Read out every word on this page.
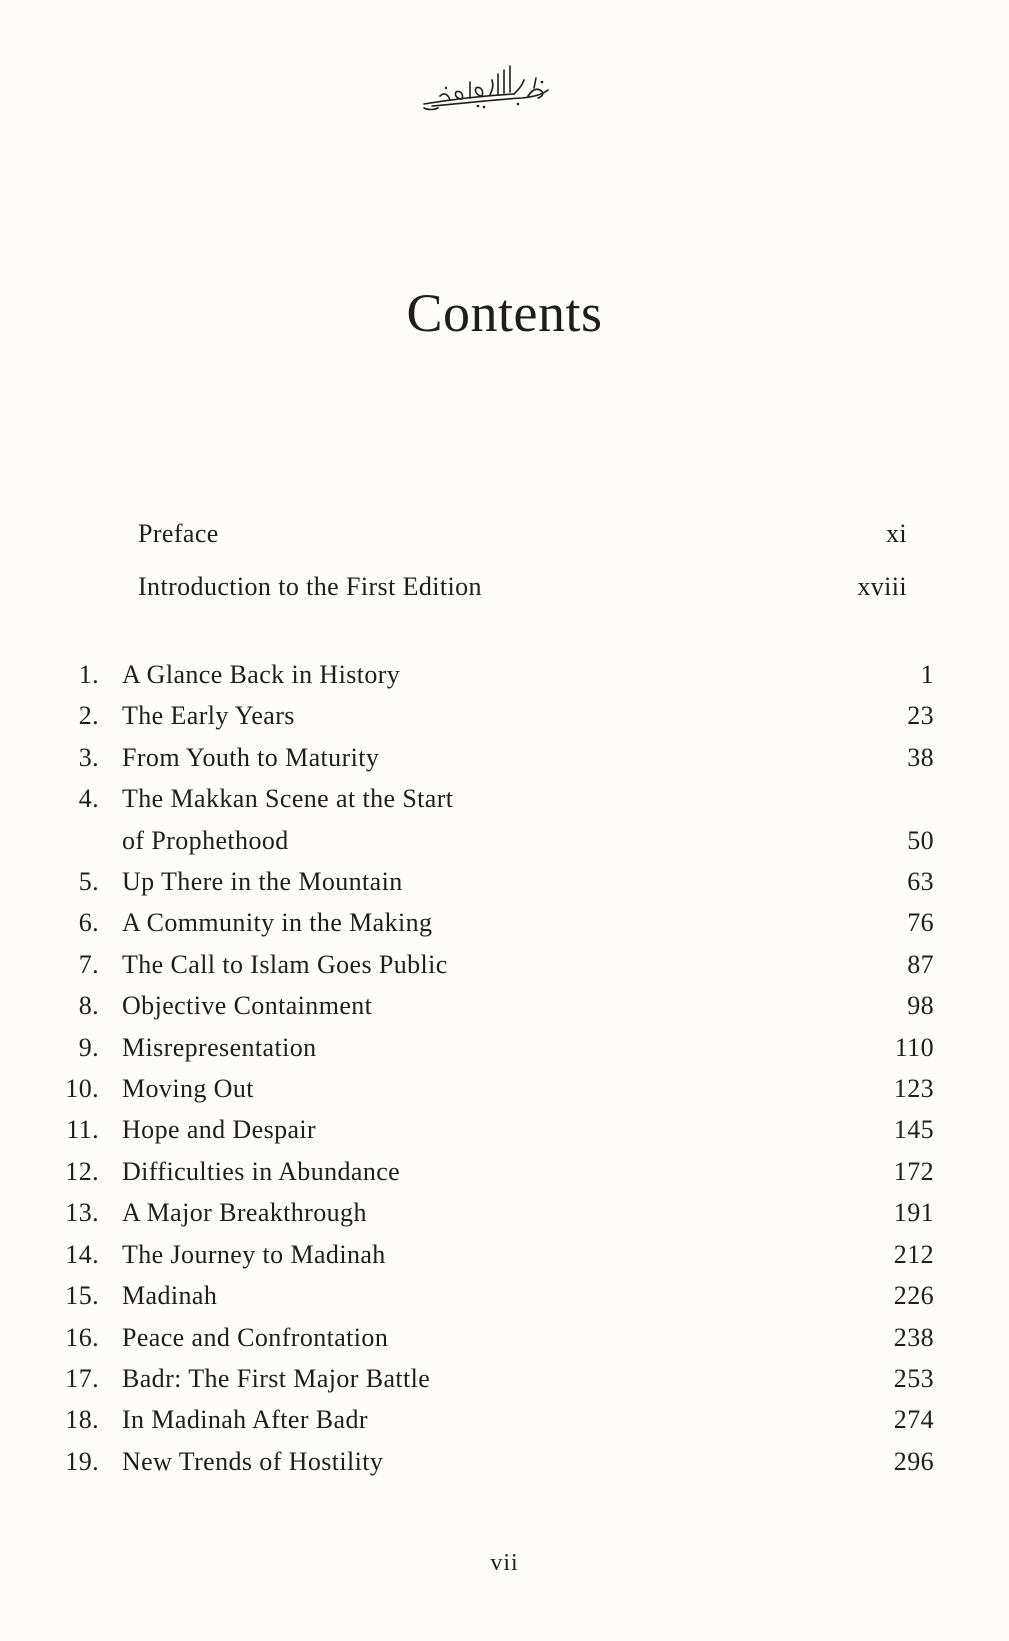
Contents
Preface	xi
Introduction to the First Edition	xviii
1. A Glance Back in History	1
2. The Early Years	23
3. From Youth to Maturity	38
4. The Makkan Scene at the Start
of Prophethood	50
5. Up There in the Mountain	63
6. A Community in the Making	76
7. The Call to Islam Goes Public	87
8. Objective Containment	98
9. Misrepresentation	110
10. Moving Out	123
11. Hope and Despair	145
12. Difficulties in Abundance	172
13. A Major Breakthrough	191
14. The Journey to Madinah	212
15. Madinah	226
16. Peace and Confrontation	238
17. Badr: The First Major Battle	253
18. In Madinah After Badr	274
19. New Trends of Hostility	296
vii
